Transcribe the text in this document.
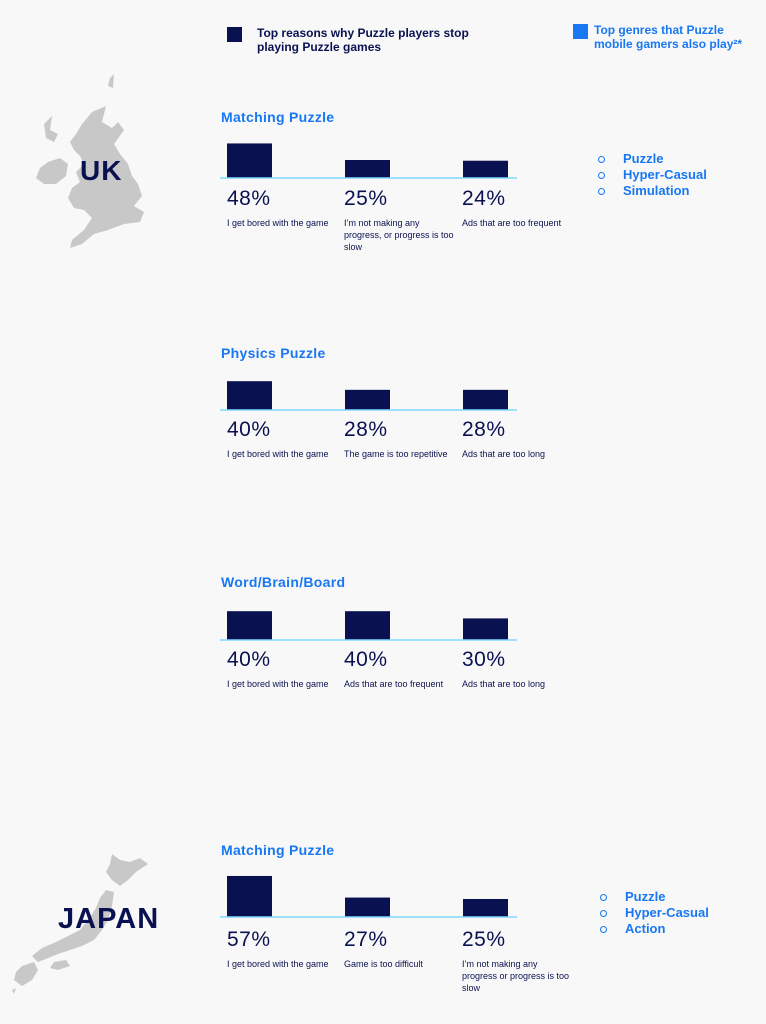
Top reasons why Puzzle players stop
playing Puzzle games
Top genres that Puzzle
mobile gamers also play²*
UK
JAPAN
Matching Puzzle
48%
I get bored with the game
25%
I’m not making any progress, or progress is too slow
24%
Ads that are too frequent
Puzzle
Hyper-Casual
Simulation
Physics Puzzle
40%
I get bored with the game
28%
The game is too repetitive
28%
Ads that are too long
Word/Brain/Board
40%
I get bored with the game
40%
Ads that are too frequent
30%
Ads that are too long
Matching Puzzle
57%
I get bored with the game
27%
Game is too difficult
25%
I’m not making any progress or progress is too slow
Puzzle
Hyper-Casual
Action
